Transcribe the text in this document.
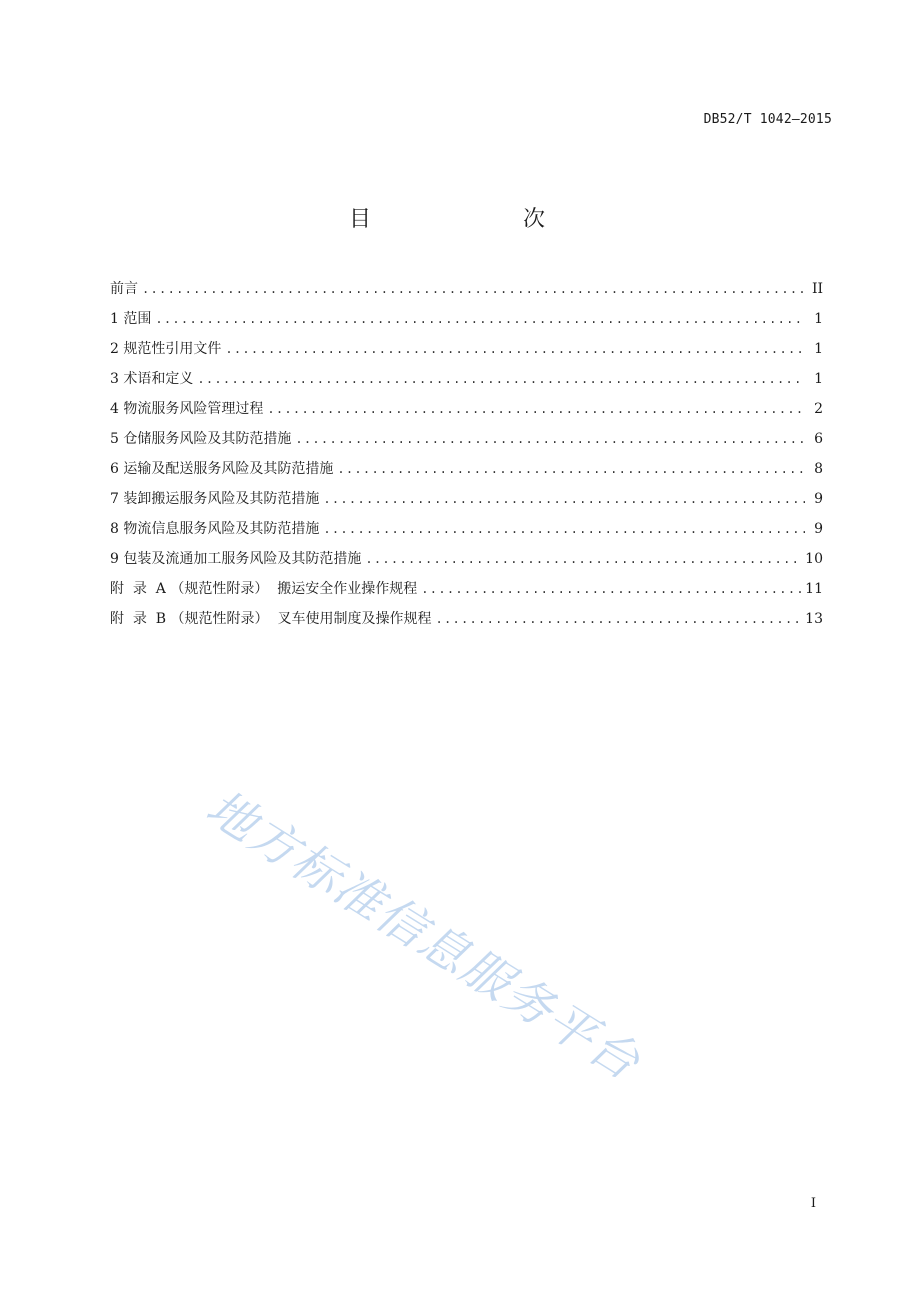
DB52/T 1042—2015
目  次
前言 .....	II
1 范围 .....	1
2 规范性引用文件 .....	1
3 术语和定义 .....	1
4 物流服务风险管理过程 .....	2
5 仓储服务风险及其防范措施 .....	6
6 运输及配送服务风险及其防范措施 .....	8
7 装卸搬运服务风险及其防范措施 .....	9
8 物流信息服务风险及其防范措施 .....	9
9 包装及流通加工服务风险及其防范措施 .....	10
附  录  A （规范性附录）  搬运安全作业操作规程 .....	11
附  录  B （规范性附录）  叉车使用制度及操作规程 .....	13
地方标准信息服务平台
I
